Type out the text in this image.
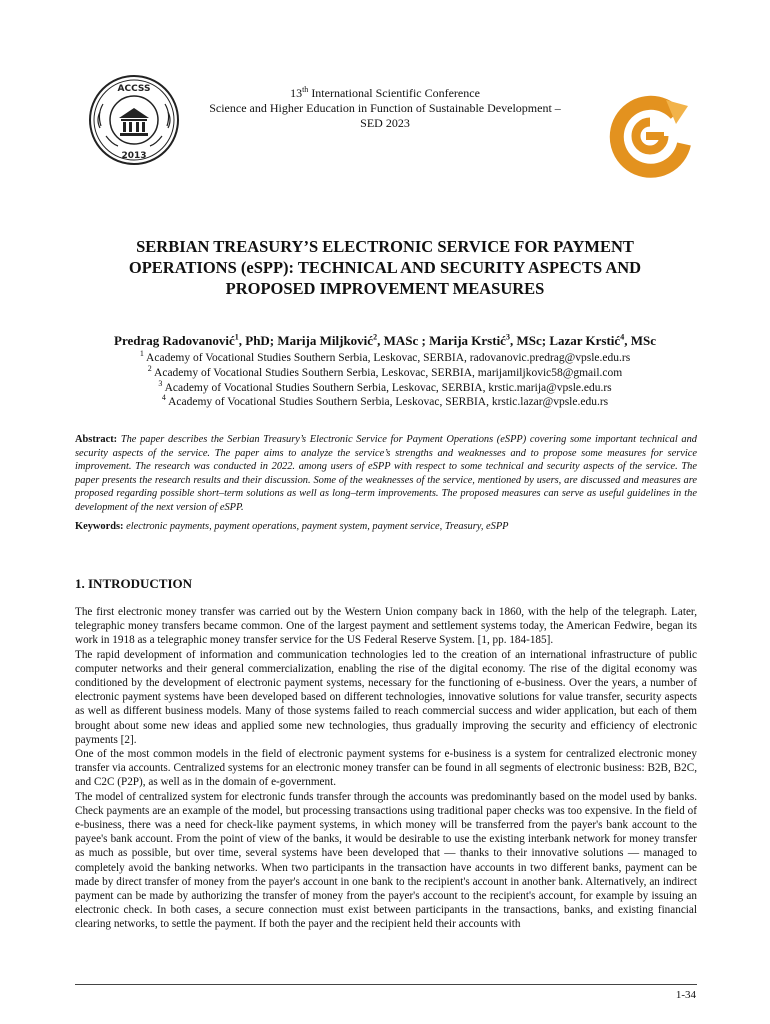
ACCSS
2013
13th International Scientific Conference
Science and Higher Education in Function of Sustainable Development –
SED 2023
SERBIAN TREASURY’S ELECTRONIC SERVICE FOR PAYMENT
OPERATIONS (eSPP): TECHNICAL AND SECURITY ASPECTS AND
PROPOSED IMPROVEMENT MEASURES
Predrag Radovanović$^1$, PhD; Marija Miljković$^2$, MASc ; Marija Krstić$^3$, MSc; Lazar Krstić$^4$, MSc
$^1$ Academy of Vocational Studies Southern Serbia, Leskovac, SERBIA, radovanovic.predrag@vpsle.edu.rs
$^2$ Academy of Vocational Studies Southern Serbia, Leskovac, SERBIA, marijamiljkovic58@gmail.com
$^3$ Academy of Vocational Studies Southern Serbia, Leskovac, SERBIA, krstic.marija@vpsle.edu.rs
$^4$ Academy of Vocational Studies Southern Serbia, Leskovac, SERBIA, krstic.lazar@vpsle.edu.rs
Abstract: The paper describes the Serbian Treasury’s Electronic Service for Payment Operations (eSPP) covering some important technical and security aspects of the service. The paper aims to analyze the service’s strengths and weaknesses and to propose some measures for service improvement. The research was conducted in 2022. among users of eSPP with respect to some technical and security aspects of the service. The paper presents the research results and their discussion. Some of the weaknesses of the service, mentioned by users, are discussed and measures are proposed regarding possible short–term solutions as well as long–term improvements. The proposed measures can serve as useful guidelines in the development of the next version of eSPP.
Keywords: electronic payments, payment operations, payment system, payment service, Treasury, eSPP
1. INTRODUCTION

The first electronic money transfer was carried out by the Western Union company back in 1860, with the help of the telegraph. Later, telegraphic money transfers became common. One of the largest payment and settlement systems today, the American Fedwire, began its work in 1918 as a telegraphic money transfer service for the US Federal Reserve System. [1, pp. 184-185].

The rapid development of information and communication technologies led to the creation of an international infrastructure of public computer networks and their general commercialization, enabling the rise of the digital economy. The rise of the digital economy was conditioned by the development of electronic payment systems, necessary for the functioning of e-business. Over the years, a number of electronic payment systems have been developed based on different technologies, innovative solutions for value transfer, security aspects as well as different business models. Many of those systems failed to reach commercial success and wider application, but each of them brought about some new ideas and applied some new technologies, thus gradually improving the security and efficiency of electronic payments [2].

One of the most common models in the field of electronic payment systems for e-business is a system for centralized electronic money transfer via accounts. Centralized systems for an electronic money transfer can be found in all segments of electronic business: B2B, B2C, and C2C (P2P), as well as in the domain of e-government.

The model of centralized system for electronic funds transfer through the accounts was predominantly based on the model used by banks. Check payments are an example of the model, but processing transactions using traditional paper checks was too expensive. In the field of e-business, there was a need for check-like payment systems, in which money will be transferred from the payer's bank account to the payee's bank account. From the point of view of the banks, it would be desirable to use the existing interbank network for money transfer as much as possible, but over time, several systems have been developed that — thanks to their innovative solutions — managed to completely avoid the banking networks. When two participants in the transaction have accounts in two different banks, payment can be made by direct transfer of money from the payer's account in one bank to the recipient's account in another bank. Alternatively, an indirect payment can be made by authorizing the transfer of money from the payer's account to the recipient's account, for example by issuing an electronic check. In both cases, a secure connection must exist between participants in the transactions, banks, and existing financial clearing networks, to settle the payment. If both the payer and the recipient held their accounts with

1-34
